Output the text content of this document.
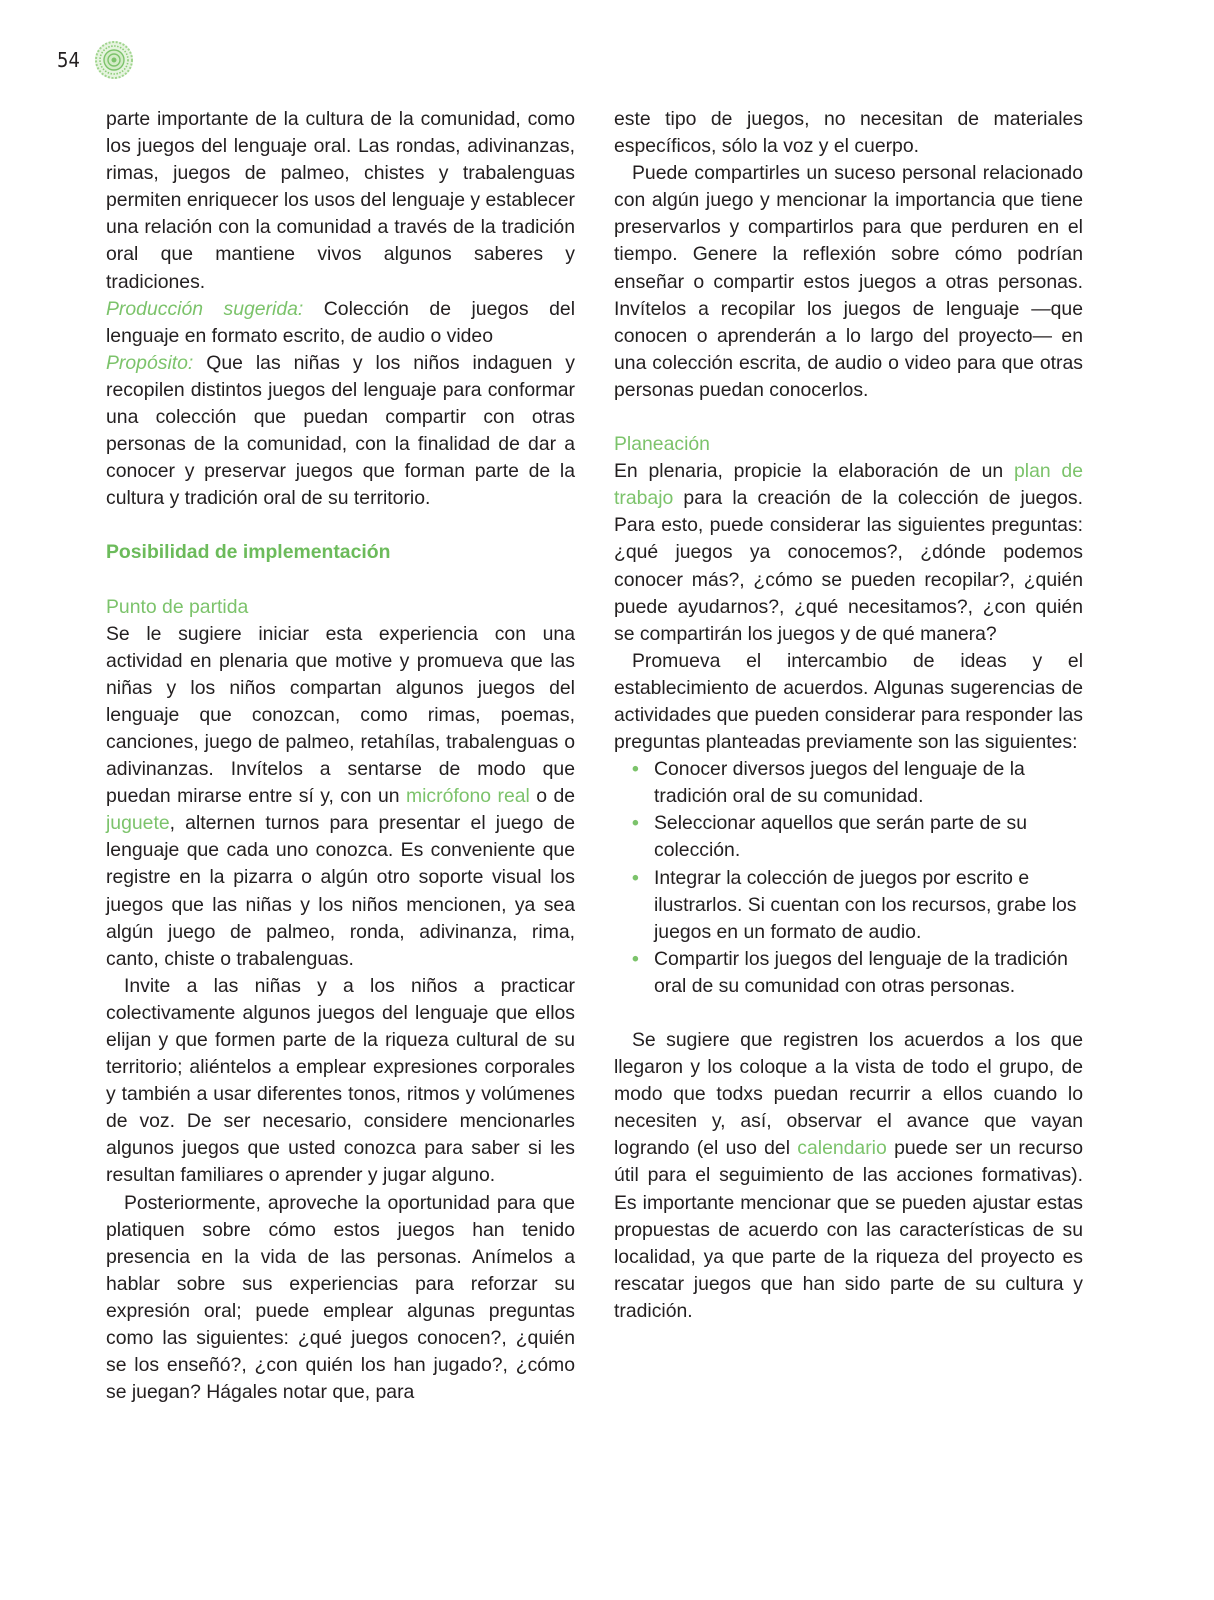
54

parte importante de la cultura de la comunidad, como los juegos del lenguaje oral. Las rondas, adivinanzas, rimas, juegos de palmeo, chistes y trabalenguas permiten enriquecer los usos del lenguaje y establecer una relación con la comunidad a través de la tradición oral que mantiene vivos algunos saberes y tradiciones.

Producción sugerida: Colección de juegos del lenguaje en formato escrito, de audio o video

Propósito: Que las niñas y los niños indaguen y recopilen distintos juegos del lenguaje para conformar una colección que puedan compartir con otras personas de la comunidad, con la finalidad de dar a conocer y preservar juegos que forman parte de la cultura y tradición oral de su territorio.

Posibilidad de implementación

Punto de partida

Se le sugiere iniciar esta experiencia con una actividad en plenaria que motive y promueva que las niñas y los niños compartan algunos juegos del lenguaje que conozcan, como rimas, poemas, canciones, juego de palmeo, retahílas, trabalenguas o adivinanzas. Invítelos a sentarse de modo que puedan mirarse entre sí y, con un micrófono real o de juguete, alternen turnos para presentar el juego de lenguaje que cada uno conozca. Es conveniente que registre en la pizarra o algún otro soporte visual los juegos que las niñas y los niños mencionen, ya sea algún juego de palmeo, ronda, adivinanza, rima, canto, chiste o trabalenguas.

Invite a las niñas y a los niños a practicar colectivamente algunos juegos del lenguaje que ellos elijan y que formen parte de la riqueza cultural de su territorio; aliéntelos a emplear expresiones corporales y también a usar diferentes tonos, ritmos y volúmenes de voz. De ser necesario, considere mencionarles algunos juegos que usted conozca para saber si les resultan familiares o aprender y jugar alguno.

Posteriormente, aproveche la oportunidad para que platiquen sobre cómo estos juegos han tenido presencia en la vida de las personas. Anímelos a hablar sobre sus experiencias para reforzar su expresión oral; puede emplear algunas preguntas como las siguientes: ¿qué juegos conocen?, ¿quién se los enseñó?, ¿con quién los han jugado?, ¿cómo se juegan? Hágales notar que, para

este tipo de juegos, no necesitan de materiales específicos, sólo la voz y el cuerpo.

Puede compartirles un suceso personal relacionado con algún juego y mencionar la importancia que tiene preservarlos y compartirlos para que perduren en el tiempo. Genere la reflexión sobre cómo podrían enseñar o compartir estos juegos a otras personas. Invítelos a recopilar los juegos de lenguaje —que conocen o aprenderán a lo largo del proyecto— en una colección escrita, de audio o video para que otras personas puedan conocerlos.

Planeación

En plenaria, propicie la elaboración de un plan de trabajo para la creación de la colección de juegos. Para esto, puede considerar las siguientes preguntas: ¿qué juegos ya conocemos?, ¿dónde podemos conocer más?, ¿cómo se pueden recopilar?, ¿quién puede ayudarnos?, ¿qué necesitamos?, ¿con quién se compartirán los juegos y de qué manera?

Promueva el intercambio de ideas y el establecimiento de acuerdos. Algunas sugerencias de actividades que pueden considerar para responder las preguntas planteadas previamente son las siguientes:

• Conocer diversos juegos del lenguaje de la tradición oral de su comunidad.
• Seleccionar aquellos que serán parte de su colección.
• Integrar la colección de juegos por escrito e ilustrarlos. Si cuentan con los recursos, grabe los juegos en un formato de audio.
• Compartir los juegos del lenguaje de la tradición oral de su comunidad con otras personas.

Se sugiere que registren los acuerdos a los que llegaron y los coloque a la vista de todo el grupo, de modo que todxs puedan recurrir a ellos cuando lo necesiten y, así, observar el avance que vayan logrando (el uso del calendario puede ser un recurso útil para el seguimiento de las acciones formativas). Es importante mencionar que se pueden ajustar estas propuestas de acuerdo con las características de su localidad, ya que parte de la riqueza del proyecto es rescatar juegos que han sido parte de su cultura y tradición.
